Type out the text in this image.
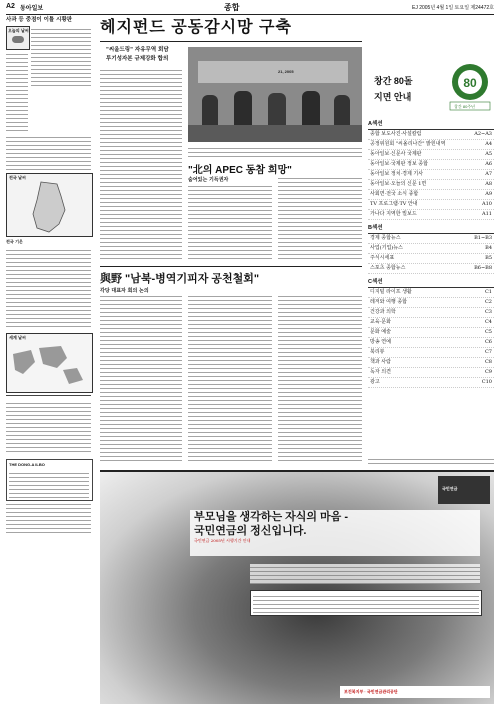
A2 동아일보	종합	EJ 2005년 4월 1일 토요일 제24472호
사과 등 중점이 이틀 시황판
오늘의 날씨
전국 날씨
전국 기온
세계 날씨
THE DONG-A ILBO
헤지펀드 공동감시망 구축
"씨올드링" 자유무역 회담
투기성자본 규제강화 합의
21, 2005
"北의 APEC 동참 희망"
숨어있는 기득권자
창간 80돌
지면 안내
80
창간 80주년
A섹션
종합 보도사진·사설칼럼	A2~A3
공정위원회 "씨올리나간" 밝힌내역	A4
동아일보·신문사 국제판	A5
동아일보·국제판 정보 종합	A6
동아일보 정치·경제 기사	A7
동아일보·오늘의 신문 1면	A8
사회면·전국 소식 종합	A9
TV 프로그램·TV 안내	A10
가나다 지역한 빌보드	A11
B섹션
경제 종합뉴스	B1~B3
사업(기업)뉴스	B4
주식시세표	B5
스포츠 종합뉴스	B6~B8
C섹션
디지털 라이프 생활	C1
레저와 여행 종합	C2
건강과 의학	C3
교육·문화	C4
문화 예술	C5
방송 연예	C6
북리뷰	C7
책과 사람	C8
독자 의견	C9
광고	C10
與野 "남북-병역기피자 공천철회"
각당 대표자 회의 논의
국민연금
부모님을 생각하는 자식의 마음 -
국민연금의 정신입니다.
국민연금 2005년 시행기간 안내
보건복지부 · 국민연금관리공단
